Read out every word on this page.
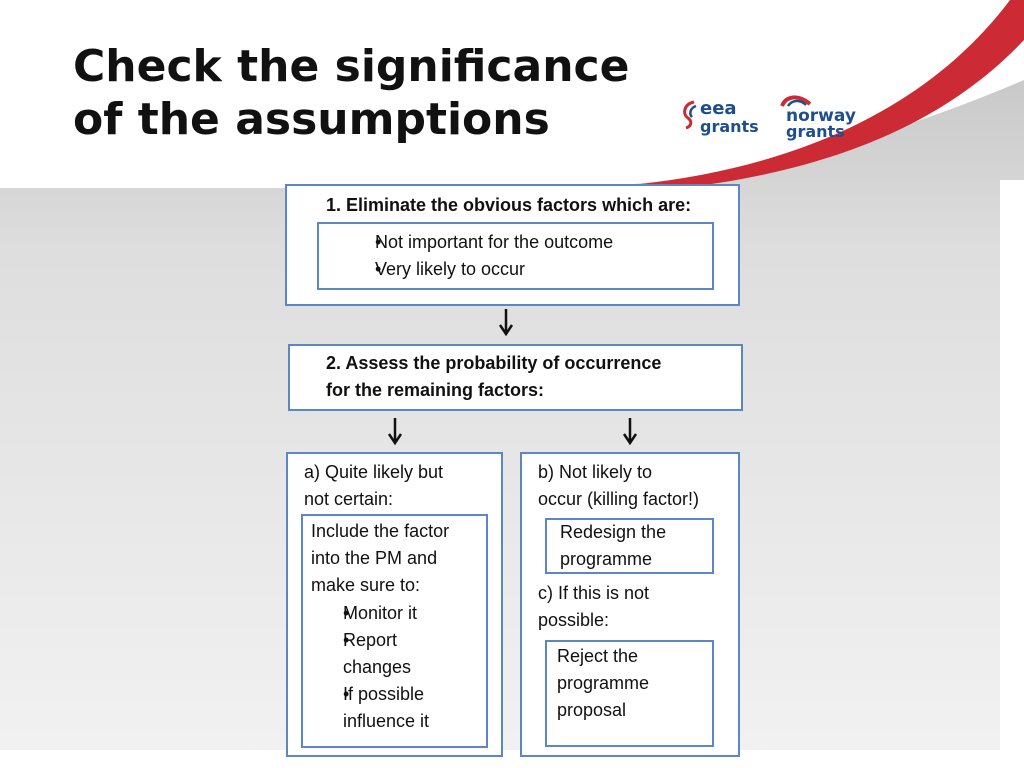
Check the significance
of the assumptions	eea
grants
norway
grants
1. Eliminate the obvious factors which are:
• Not important for the outcome
• Very likely to occur
2. Assess the probability of occurrence
for the remaining factors:
a) Quite likely but
not certain:
Include the factor
into the PM and
make sure to:
• Monitor it
• Report
changes
• If possible
influence it
b) Not likely to
occur (killing factor!)
Redesign the
programme
c) If this is not
possible:
Reject the
programme
proposal
